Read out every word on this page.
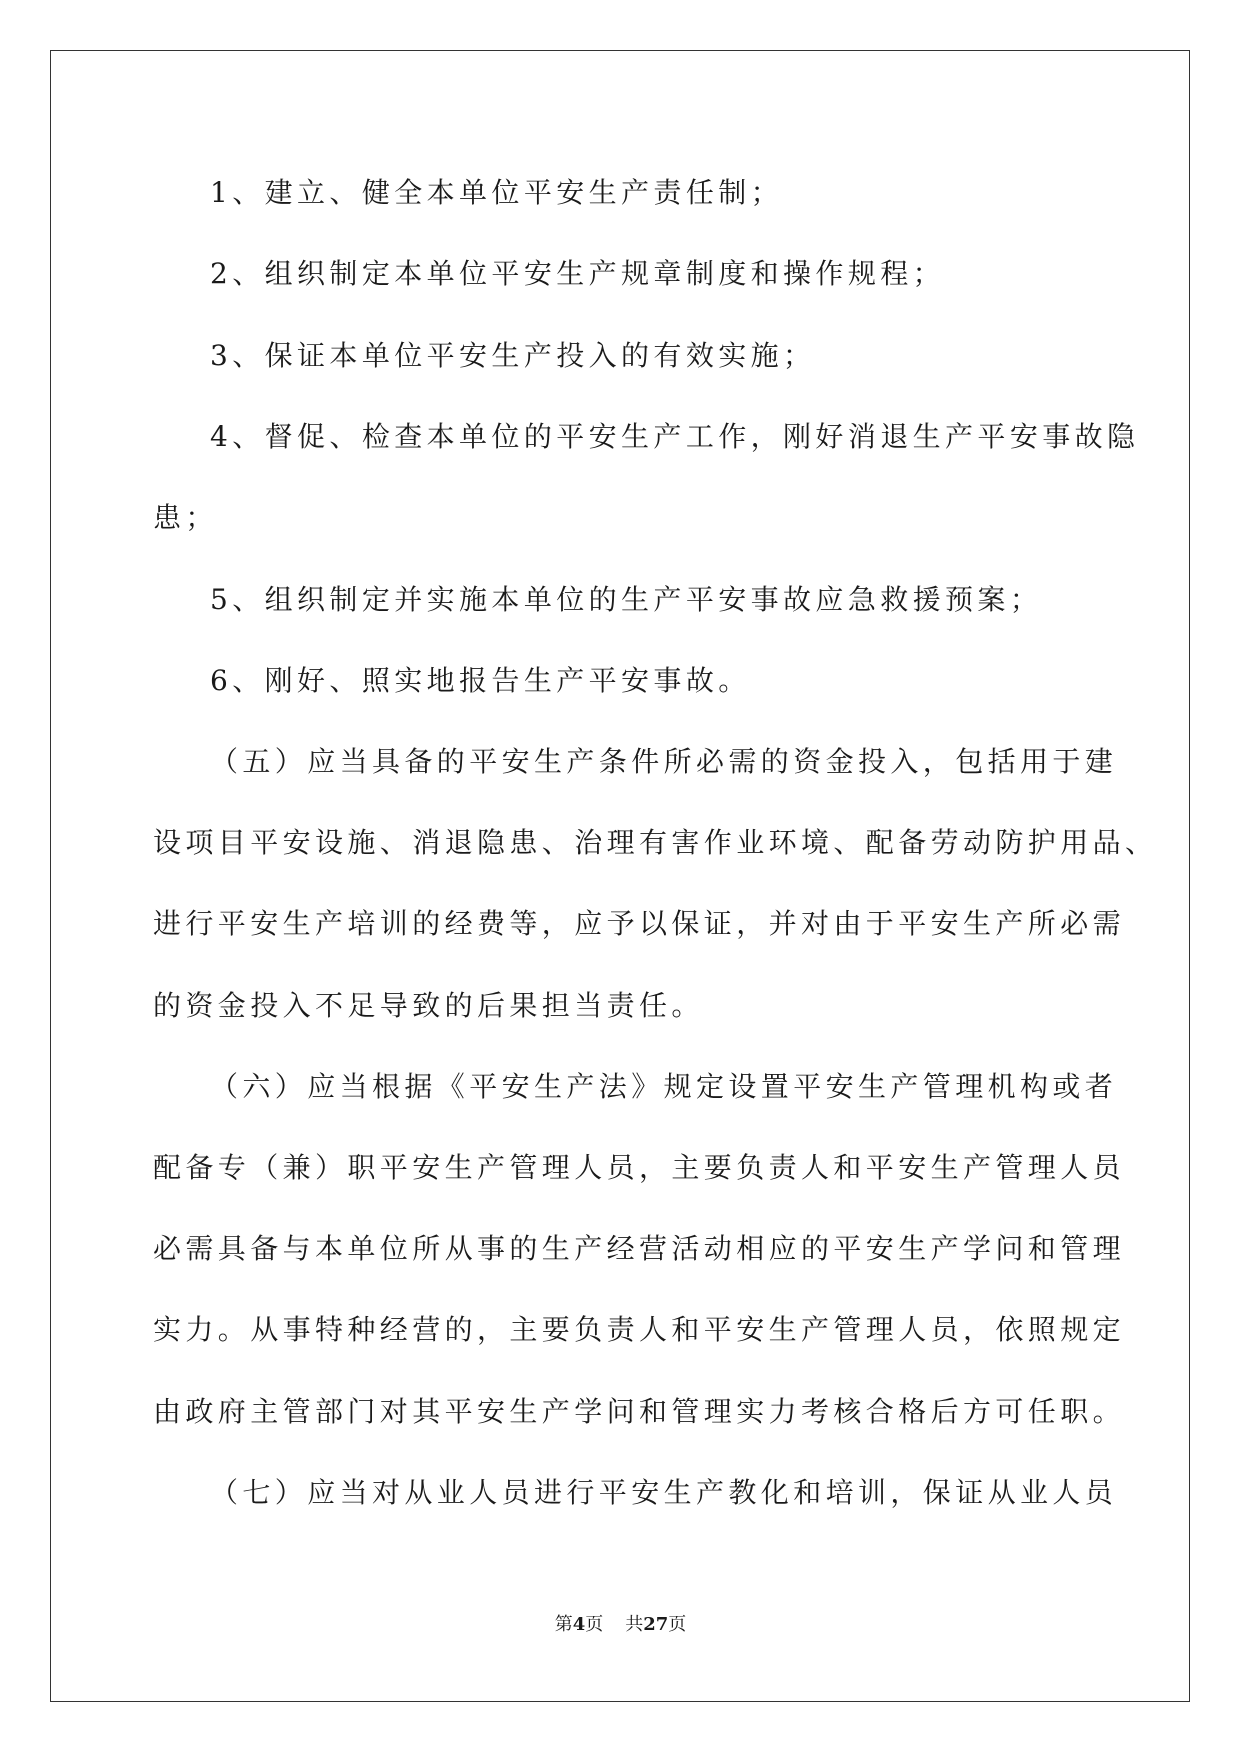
1、建立、健全本单位平安生产责任制；
2、组织制定本单位平安生产规章制度和操作规程；
3、保证本单位平安生产投入的有效实施；
4、督促、检查本单位的平安生产工作，刚好消退生产平安事故隐
患；
5、组织制定并实施本单位的生产平安事故应急救援预案；
6、刚好、照实地报告生产平安事故。
（五）应当具备的平安生产条件所必需的资金投入，包括用于建
设项目平安设施、消退隐患、治理有害作业环境、配备劳动防护用品、
进行平安生产培训的经费等，应予以保证，并对由于平安生产所必需
的资金投入不足导致的后果担当责任。
（六）应当根据《平安生产法》规定设置平安生产管理机构或者
配备专（兼）职平安生产管理人员，主要负责人和平安生产管理人员
必需具备与本单位所从事的生产经营活动相应的平安生产学问和管理
实力。从事特种经营的，主要负责人和平安生产管理人员，依照规定
由政府主管部门对其平安生产学问和管理实力考核合格后方可任职。
（七）应当对从业人员进行平安生产教化和培训，保证从业人员
第4页 共27页
